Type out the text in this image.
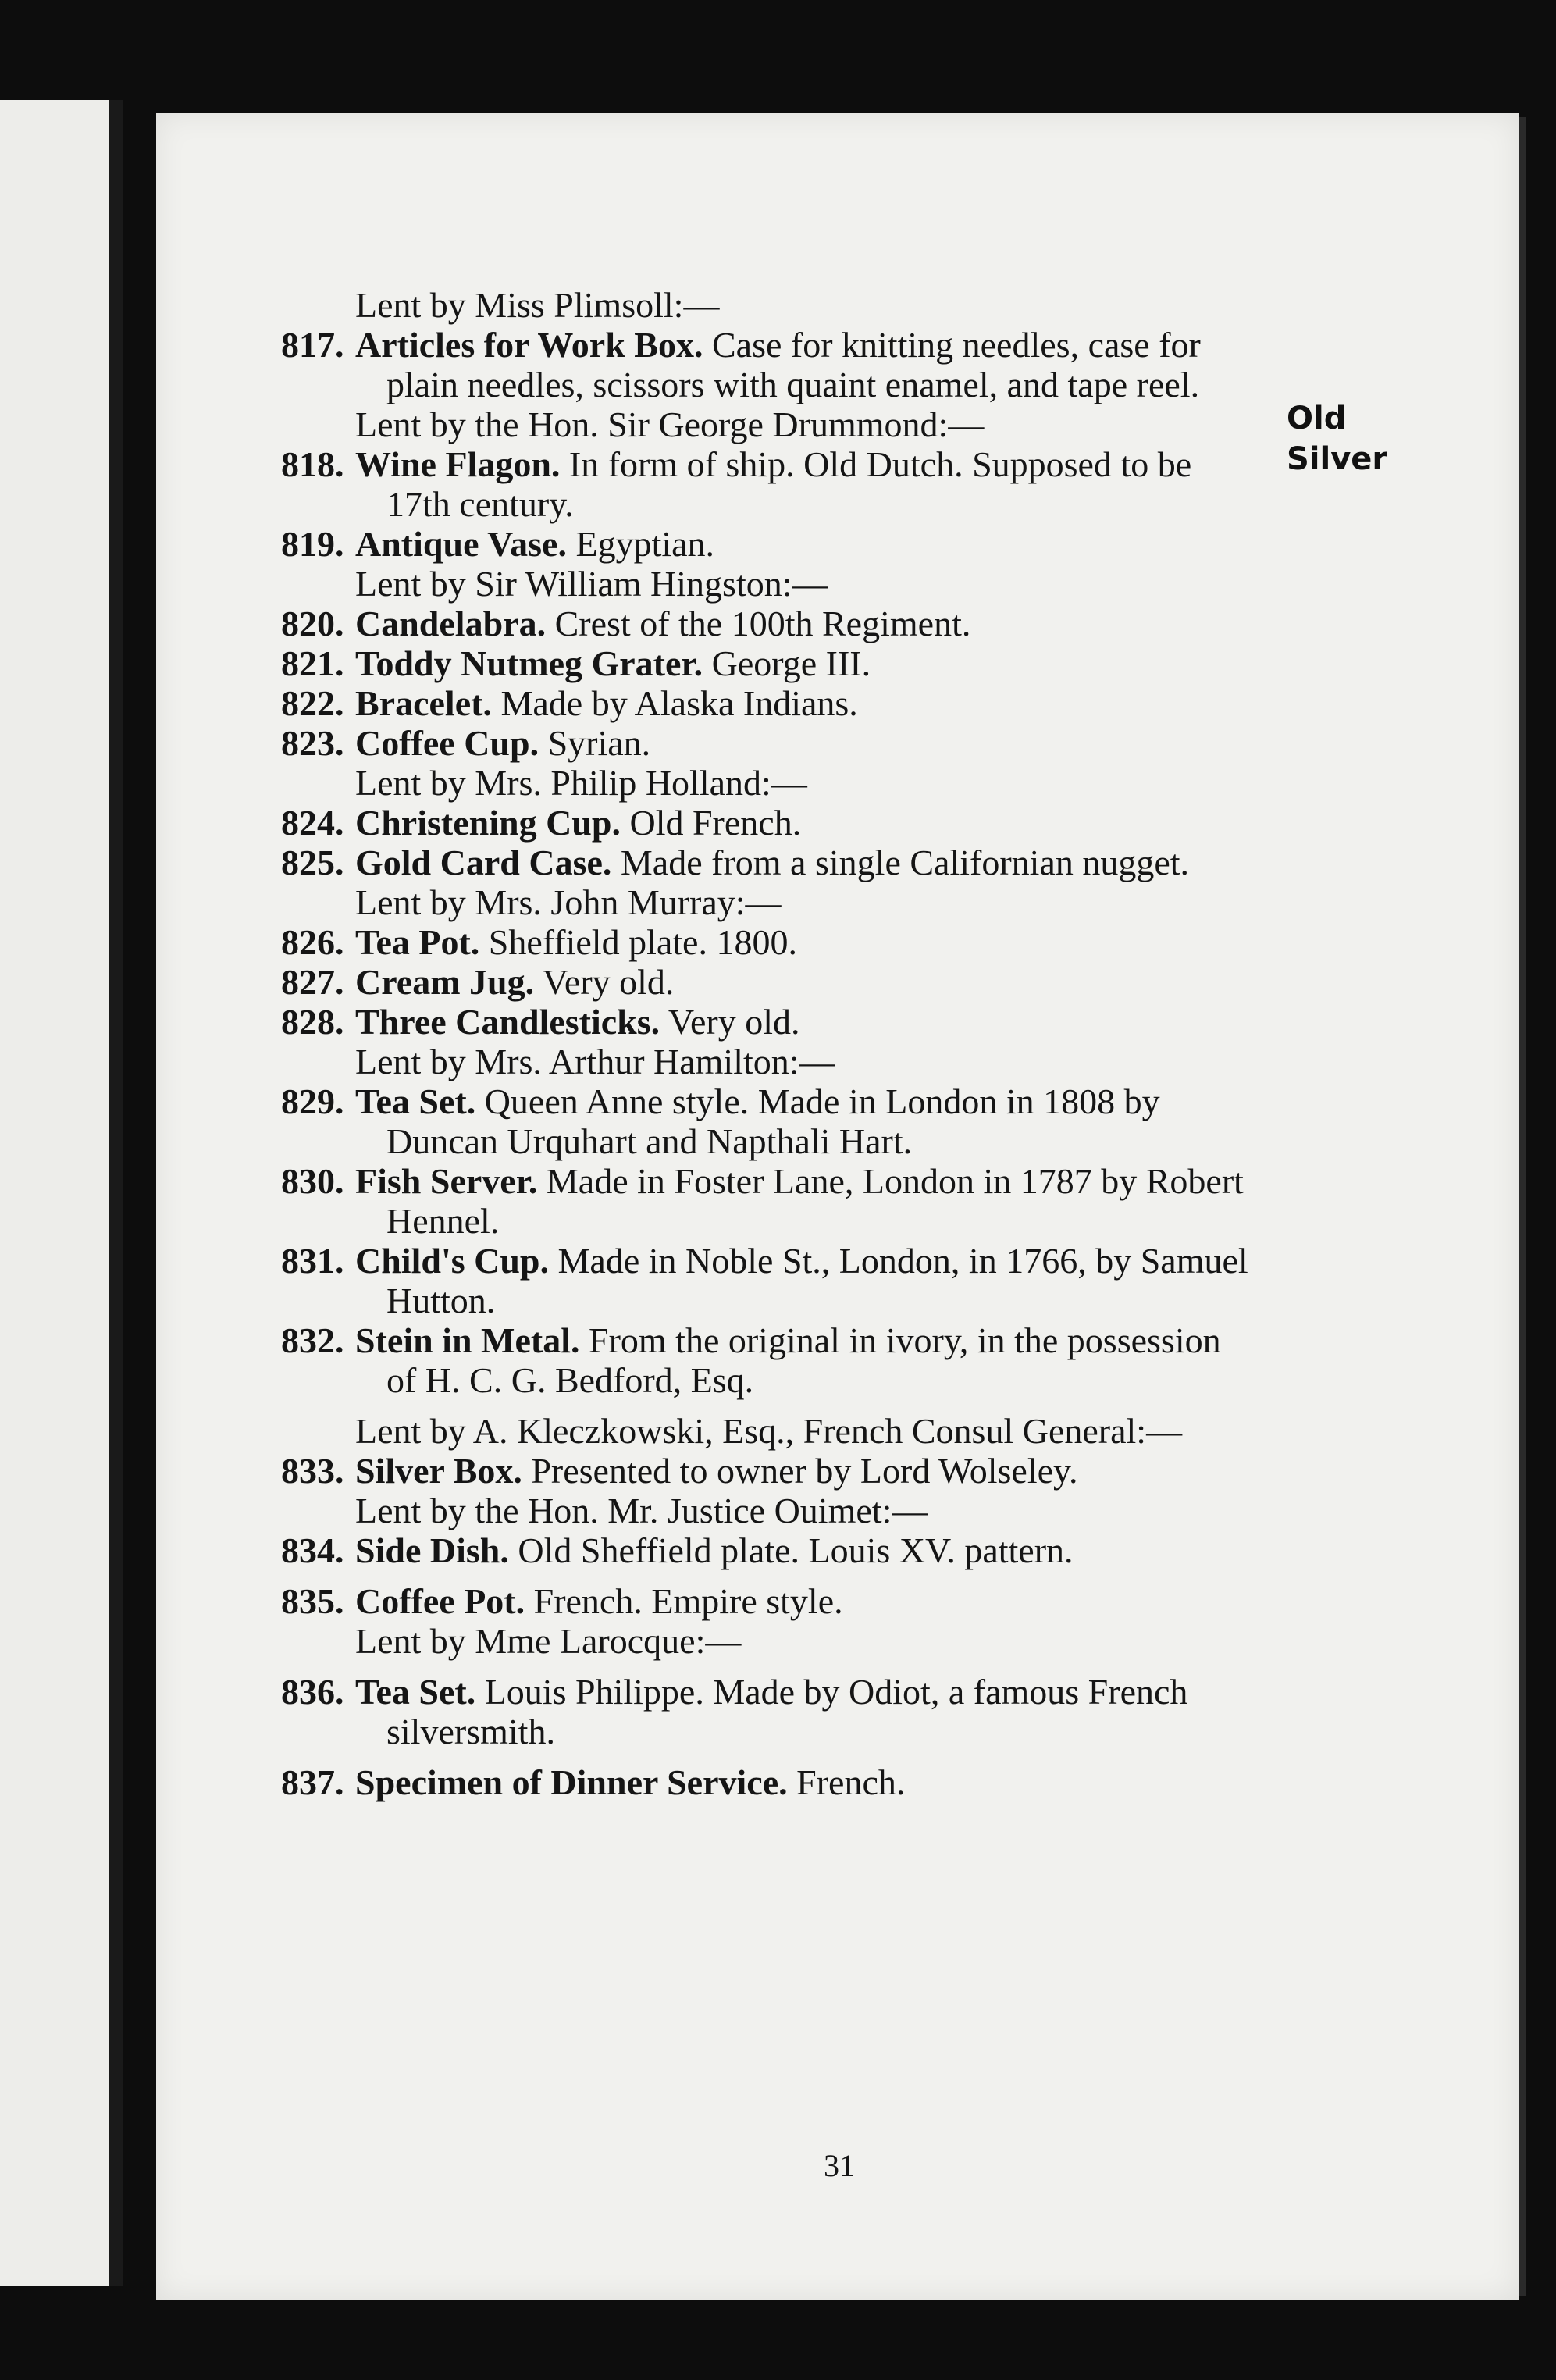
Lent by Miss Plimsoll:—
817. Articles for Work Box. Case for knitting needles, case for plain needles, scissors with quaint enamel, and tape reel.
Lent by the Hon. Sir George Drummond:—
818. Wine Flagon. In form of ship. Old Dutch. Supposed to be 17th century.
819. Antique Vase. Egyptian.
Lent by Sir William Hingston:—
820. Candelabra. Crest of the 100th Regiment.
821. Toddy Nutmeg Grater. George III.
822. Bracelet. Made by Alaska Indians.
823. Coffee Cup. Syrian.
Lent by Mrs. Philip Holland:—
824. Christening Cup. Old French.
825. Gold Card Case. Made from a single Californian nugget.
Lent by Mrs. John Murray:—
826. Tea Pot. Sheffield plate. 1800.
827. Cream Jug. Very old.
828. Three Candlesticks. Very old.
Lent by Mrs. Arthur Hamilton:—
829. Tea Set. Queen Anne style. Made in London in 1808 by Duncan Urquhart and Napthali Hart.
830. Fish Server. Made in Foster Lane, London in 1787 by Robert Hennel.
831. Child's Cup. Made in Noble St., London, in 1766, by Samuel Hutton.
832. Stein in Metal. From the original in ivory, in the possession of H. C. G. Bedford, Esq.
Lent by A. Kleczkowski, Esq., French Consul General:—
833. Silver Box. Presented to owner by Lord Wolseley.
Lent by the Hon. Mr. Justice Ouimet:—
834. Side Dish. Old Sheffield plate. Louis XV. pattern.
835. Coffee Pot. French. Empire style.
Lent by Mme Larocque:—
836. Tea Set. Louis Philippe. Made by Odiot, a famous French silversmith.
837. Specimen of Dinner Service. French.
Old
Silver
31
